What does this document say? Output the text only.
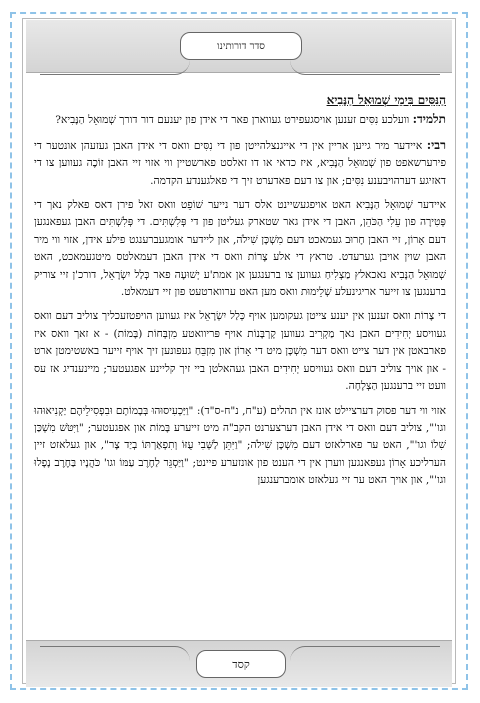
סדר דורותינו
הַנִּסִּים בִּימֵי שְׁמוּאֵל הַנָּבִיא

תלמיד: וועלכע נִסִּים זענען אויסגעפירט געווארן פאר די אידן פון יענעם דור דורך שְׁמוּאֵל הַנָּבִיא?

רבי: איידער מיר גייען אריין אין די אייגנצלהייטן פון די נִסִּים וואס די אידן האבן געזעהן אונטער די פירערשאפט פון שְׁמוּאֵל הַנָּבִיא, איז כדאי או דו זאלסט פארשטיין ווי אזוי זיי האבן זוֹכֶה געווען צו די דאזיגע דערהויבענע נִסִּים; און צו דעם פאדערט זיך די פאלגענדע הקדמה.

איידער שְׁמוּאֵל הַנָּבִיא האט אויפגעשיינט אלס דער נייער שׁוֹפֵט וואס זאל פירן דאס פאלק נאך די פְּטִירָה פון עֵלִי הַכֹּהֵן, האבן די אידן גאר שטארק געליטן פון די פְּלִשְׁתִּים. די פְּלִשְׁתִּים האבן געפאנגען דעם אָרוֹן, זיי האבן חָרוּב געמאכט דעם מִשְׁכָּן שִׁילֹה, און ליידער אומגעברענגט פילע אידן, אזוי ווי מיר האבן שוין אויבן גערעדט. טראץ די אלע צָרוֹת וואס די אידן האבן דעמאלטס מיטגעמאכט, האט שְׁמוּאֵל הַנָּבִיא נאכאלץ מַצְלִיחַ געווען צו ברענגען אן אמת'ע יְשׁוּעָה פאר כְּלַל יִשְׂרָאֵל, דורכ'ן זיי צוריק ברענגען צו זייער אריגינעלע שְׁלֵימוּת וואס מען האט ערווארטעט פון זיי דעמאלט.

די צָרוֹת וואס זענען אין יענע צייטן געקומען אויף כְּלַל יִשְׂרָאֵל איז געווען הויפטזעכליך צוליב דעם וואס געוויסע יְחִידִים האבן נאך מַקְרִיב געווען קָרְבָּנוֹת אויף פּריוואטע מִזְבְּחוֹת (בָּמוֹת) - א זאך וואס איז פארבאטן אין דער צייט וואס דער מִשְׁכָּן מיט די אָרוֹן און מִזְבֵּחַ געפונען זיך אויף זייער באשטימטן ארט - און אויך צוליב דעם וואס געוויסע יְחִידִים האבן געהאלטן ביי זיך קליינע אפגעטער; מיינענדיג אז עס וועט זיי ברענגען הַצְלָחָה.

אזוי ווי דער פסוק דערציילט אונז אין תהלים (ע"ח, נ"ח-ס"ד): "וַיַּכְעִיסוּהוּ בְּבָמוֹתָם וּבִפְסִילֵיהֶם יַקְנִיאוּהוּ וגו'", צוליב דעם וואס די אידן האבן דערצערנט הקב"ה מיט זייערע בָּמוֹת און אפגעטער; "וַיִּטֹּשׁ מִשְׁכַּן שִׁלוֹ וגו'", האט ער פארלאזט דעם מִשְׁכָּן שִׁילֹה; "וַיִּתֵּן לַשְּׁבִי עֻזּוֹ וְתִפְאַרְתּוֹ בְיַד צָר", און געלאזט זיין הערליכע אָרוֹן געפאנגען ווערן אין די הענט פון אונזערע פיינט; "וַיַּסְגֵּר לַחֶרֶב עַמּוֹ וגו' כֹּהֲנָיו בַּחֶרֶב נָפָלוּ וגו'", און אויך האט ער זיי געלאזט אומברענגען

קסד
